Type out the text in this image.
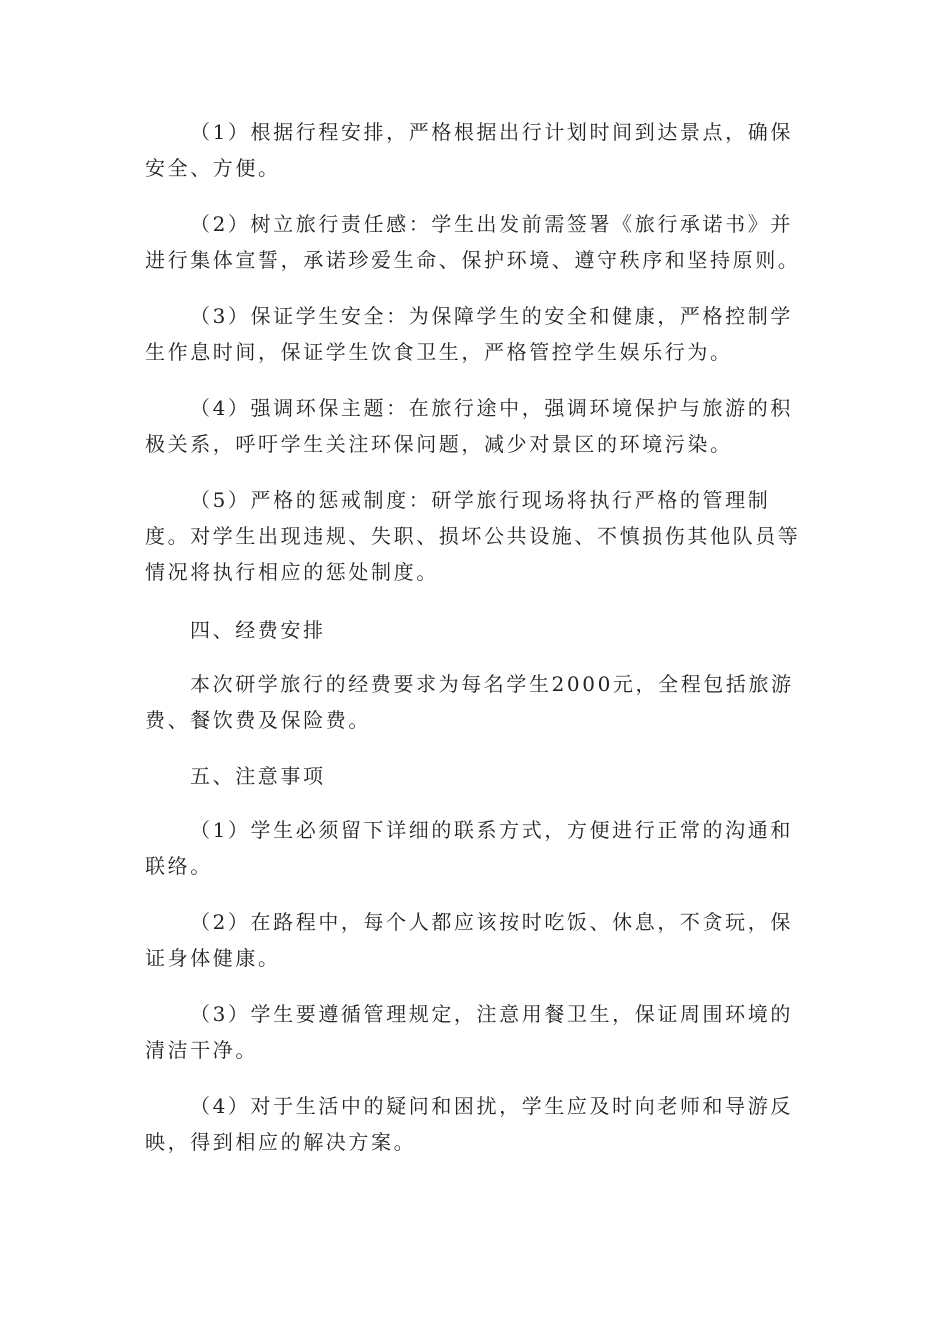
（1）根据行程安排，严格根据出行计划时间到达景点，确保安全、方便。

（2）树立旅行责任感：学生出发前需签署《旅行承诺书》并进行集体宣誓，承诺珍爱生命、保护环境、遵守秩序和坚持原则。

（3）保证学生安全：为保障学生的安全和健康，严格控制学生作息时间，保证学生饮食卫生，严格管控学生娱乐行为。

（4）强调环保主题：在旅行途中，强调环境保护与旅游的积极关系，呼吁学生关注环保问题，减少对景区的环境污染。

（5）严格的惩戒制度：研学旅行现场将执行严格的管理制度。对学生出现违规、失职、损坏公共设施、不慎损伤其他队员等情况将执行相应的惩处制度。

四、经费安排

本次研学旅行的经费要求为每名学生2000元，全程包括旅游费、餐饮费及保险费。

五、注意事项

（1）学生必须留下详细的联系方式，方便进行正常的沟通和联络。

（2）在路程中，每个人都应该按时吃饭、休息，不贪玩，保证身体健康。

（3）学生要遵循管理规定，注意用餐卫生，保证周围环境的清洁干净。

（4）对于生活中的疑问和困扰，学生应及时向老师和导游反映，得到相应的解决方案。
